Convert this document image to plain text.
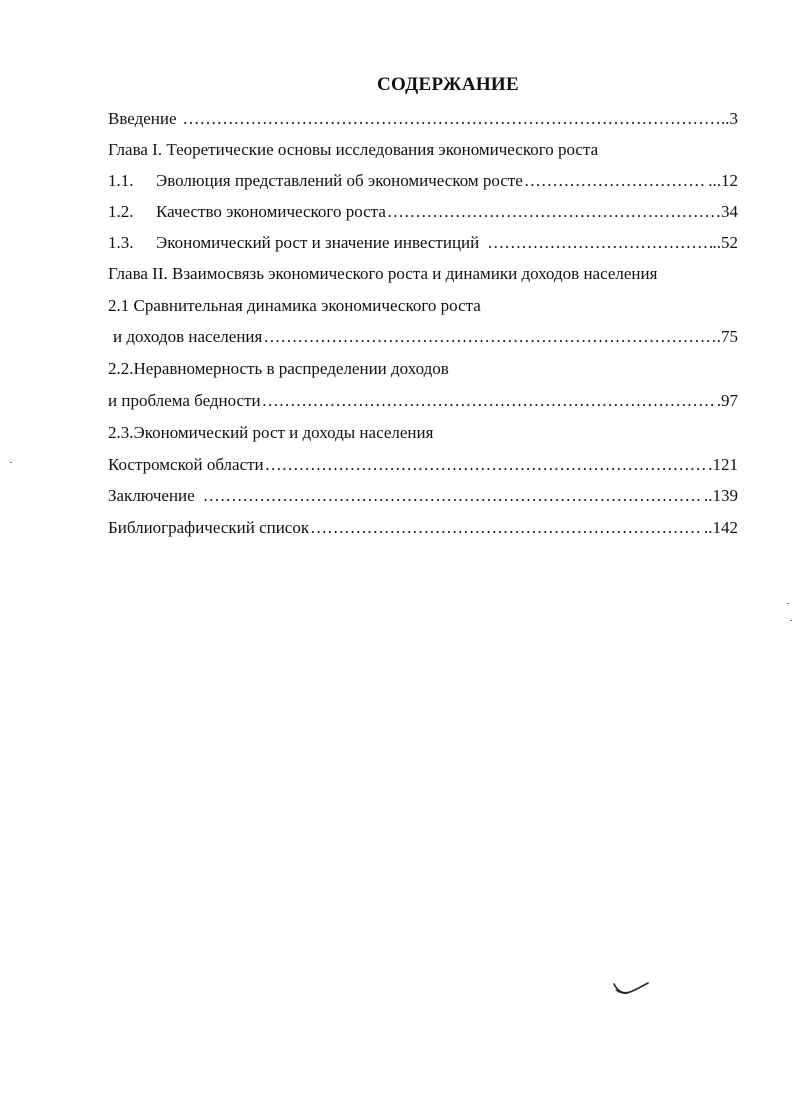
СОДЕРЖАНИЕ
Введение …………………………………………………………………………………………………………………………………………	..3
Глава I. Теоретические основы исследования экономического роста
1.1.	Эволюция представлений об экономическом росте …………………………………………………………………………………………………………………………………………	...12
1.2.	Качество экономического роста …………………………………………………………………………………………………………………………………………	34
1.3.	Экономический рост и значение инвестиций …………………………………………………………………………………………………………………………………………	..52
Глава II. Взаимосвязь экономического роста и динамики доходов населения
2.1 Сравнительная динамика экономического роста
и доходов населения …………………………………………………………………………………………………………………………………………	.75
2.2.Неравномерность в распределении доходов
и проблема бедности …………………………………………………………………………………………………………………………………………	.97
2.3.Экономический рост и доходы населения
Костромской области …………………………………………………………………………………………………………………………………………	.121
Заключение …………………………………………………………………………………………………………………………………………	..139
Библиографический список …………………………………………………………………………………………………………………………………………	..142
